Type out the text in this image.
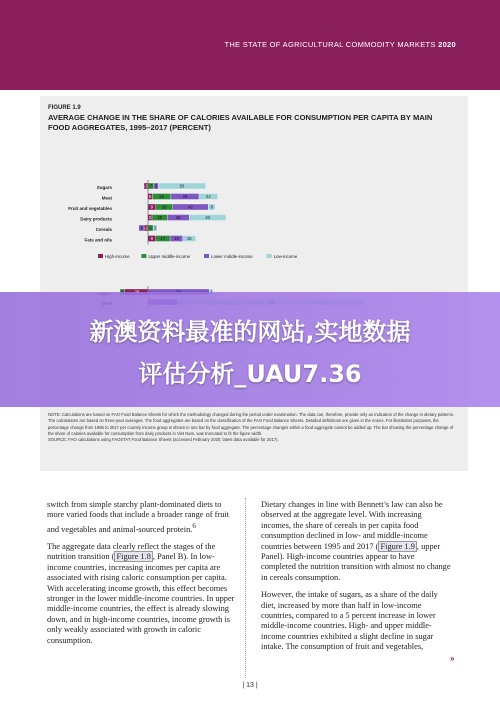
THE STATE OF AGRICULTURAL COMMODITY MARKETS 2020
FIGURE 1.9
AVERAGE CHANGE IN THE SHARE OF CALORIES AVAILABLE FOR CONSUMPTION PER CAPITA BY MAIN FOOD AGGREGATES, 1995–2017 (PERCENT)
Sugars	-3 7 5	56
Meat	5 22	33	22
Fruit and vegetables	9 20	42	8
Dairy products	2 18	26	43
Cereals	-2 6
-6	2
Fats and oils	9 17 15 15
High-income	Upper middle-income	Lower middle-income	Low-income
NOTE: Calculations are based on FAO Food Balance Sheets for which the methodology changed during the period under examination. The data can, therefore, provide only an indication of the change in dietary patterns. The calculations are based on three-year averages. The food aggregates are based on the classification of the FAO Food Balance Sheets. Detailed definitions are given in the Annex. For illustration purposes, the percentage change from 1995 to 2017 per country income group is shown in one bar by food aggregate. The percentage changes within a food aggregate cannot be added up. The bar showing the percentage change of the share of calories available for consumption from dairy products in Viet Nam, was truncated to fit the figure width.
SOURCE: FAO calculations using FAOSTAT Food Balance Sheets (accessed February 2020; latest data available for 2017).
新澳资料最准的网站,实地数据
评估分析_UAU7.36

switch from simple starchy plant-dominated diets to more varied foods that include a broader range of fruit and vegetables and animal-sourced protein.$^6$

The aggregate data clearly reflect the stages of the nutrition transition ( Figure 1.8 , Panel B). In low-income countries, increasing incomes per capita are associated with rising caloric consumption per capita. With accelerating income growth, this effect becomes stronger in the lower middle-income countries. In upper middle-income countries, the effect is already slowing down, and in high-income countries, income growth is only weakly associated with growth in caloric consumption.

Dietary changes in line with Bennett’s law can also be observed at the aggregate level. With increasing incomes, the share of cereals in per capita food consumption declined in low- and middle-income countries between 1995 and 2017 ( Figure 1.9 , upper Panel). High-income countries appear to have completed the nutrition transition with almost no change in cereals consumption.

However, the intake of sugars, as a share of the daily diet, increased by more than half in low-income countries, compared to a 5 percent increase in lower middle-income countries. High- and upper middle-income countries exhibited a slight decline in sugar intake. The consumption of fruit and vegetables,

»
| 13 |
